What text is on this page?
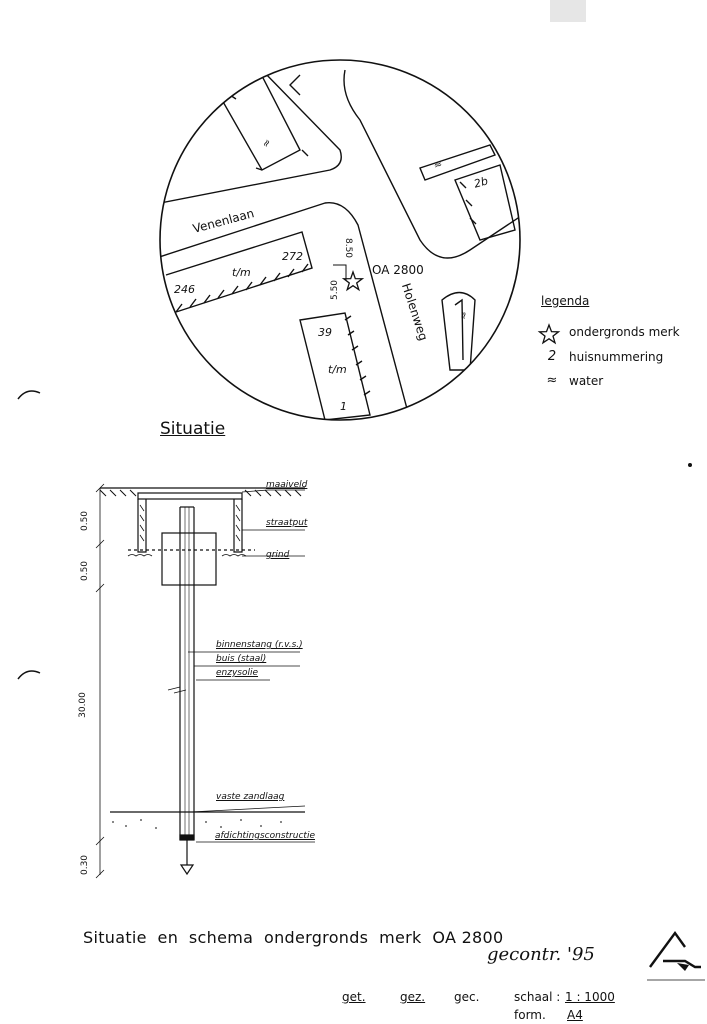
Venenlaan
Holenweg
272
t/m
246
39
t/m
1
2b
8.50
5.50
OA 2800
≈
≈
≈
legenda
ondergronds merk
2	huisnummering
≈ water
Situatie
maaiveld
straatput
grind
binnenstang (r.v.s.)
buis (staal)
enzysolie
vaste zandlaag
afdichtingsconstructie
0.50
0.50
30.00
0.30
Situatie  en  schema  ondergronds  merk  OA 2800
gecontr. '95
get.	gez. gec.	schaal : 1 : 1000
form. A4
